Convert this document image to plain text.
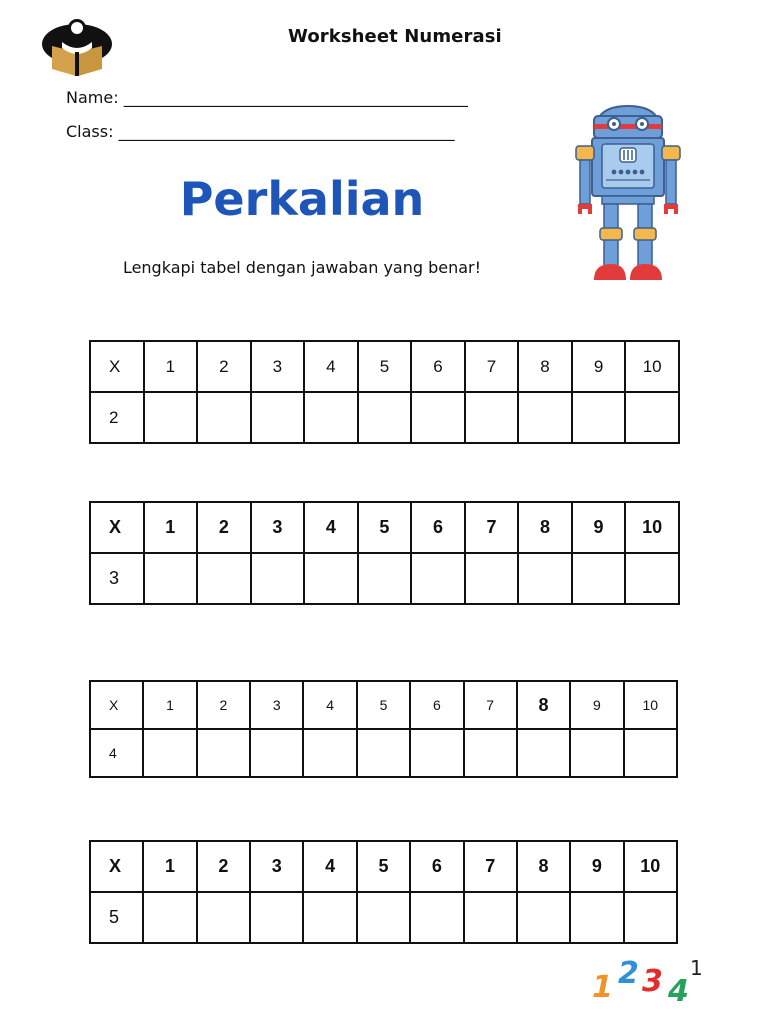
Worksheet Numerasi
Name: ___________________________________________
Class: __________________________________________
Perkalian
Lengkapi tabel dengan jawaban yang benar!
X	1	2	3	4	5	6	7	8	9	10
2										
X	1	2	3	4	5	6	7	8	9	10
3										
X	1	2	3	4	5	6	7	8	9	10
4										
X	1	2	3	4	5	6	7	8	9	10
5										
1 2 3 4
1
